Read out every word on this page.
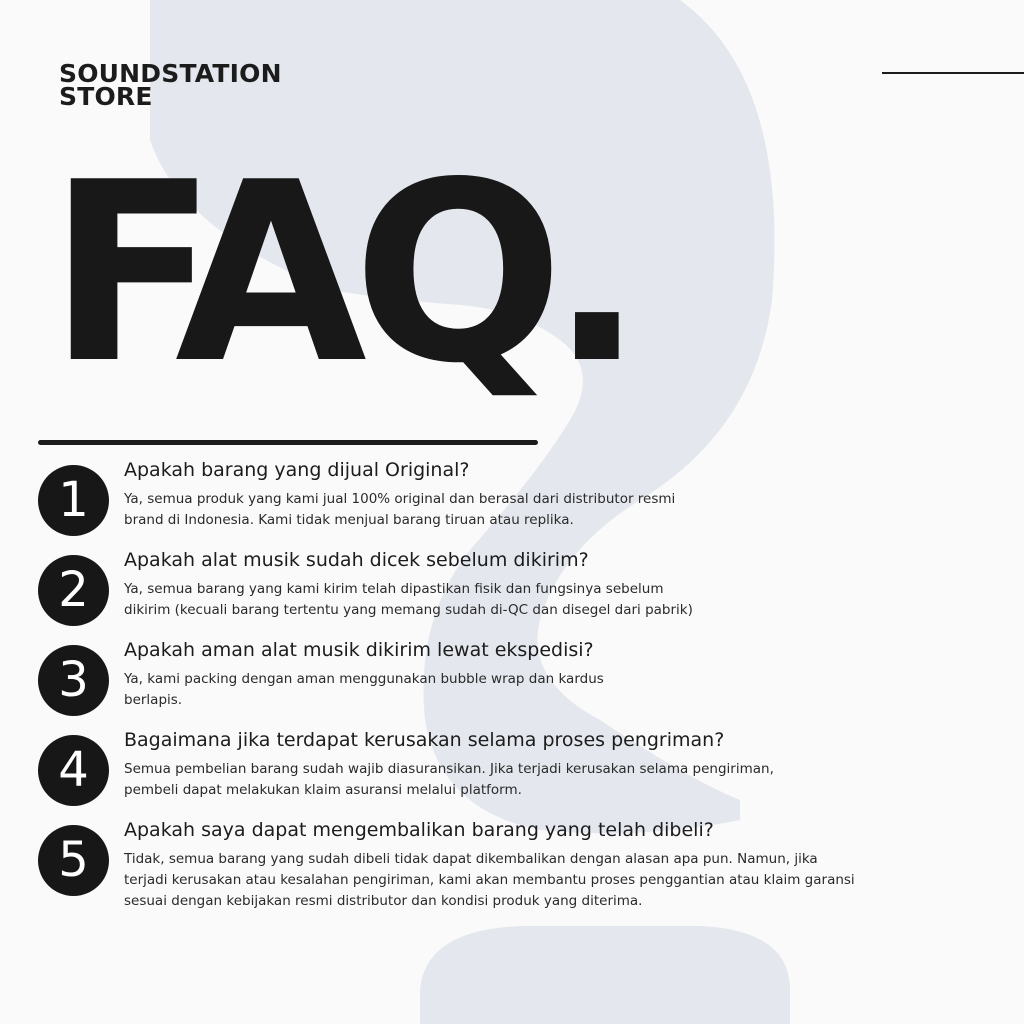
SOUNDSTATION
STORE
FAQ.
1
Apakah barang yang dijual Original?
Ya, semua produk yang kami jual 100% original dan berasal dari distributor resmi
brand di Indonesia. Kami tidak menjual barang tiruan atau replika.
2
Apakah alat musik sudah dicek sebelum dikirim?
Ya, semua barang yang kami kirim telah dipastikan fisik dan fungsinya sebelum
dikirim (kecuali barang tertentu yang memang sudah di-QC dan disegel dari pabrik)
3
Apakah aman alat musik dikirim lewat ekspedisi?
Ya, kami packing dengan aman menggunakan bubble wrap dan kardus
berlapis.
4
Bagaimana jika terdapat kerusakan selama proses pengriman?
Semua pembelian barang sudah wajib diasuransikan. Jika terjadi kerusakan selama pengiriman,
pembeli dapat melakukan klaim asuransi melalui platform.
5
Apakah saya dapat mengembalikan barang yang telah dibeli?
Tidak, semua barang yang sudah dibeli tidak dapat dikembalikan dengan alasan apa pun. Namun, jika
terjadi kerusakan atau kesalahan pengiriman, kami akan membantu proses penggantian atau klaim garansi
sesuai dengan kebijakan resmi distributor dan kondisi produk yang diterima.
